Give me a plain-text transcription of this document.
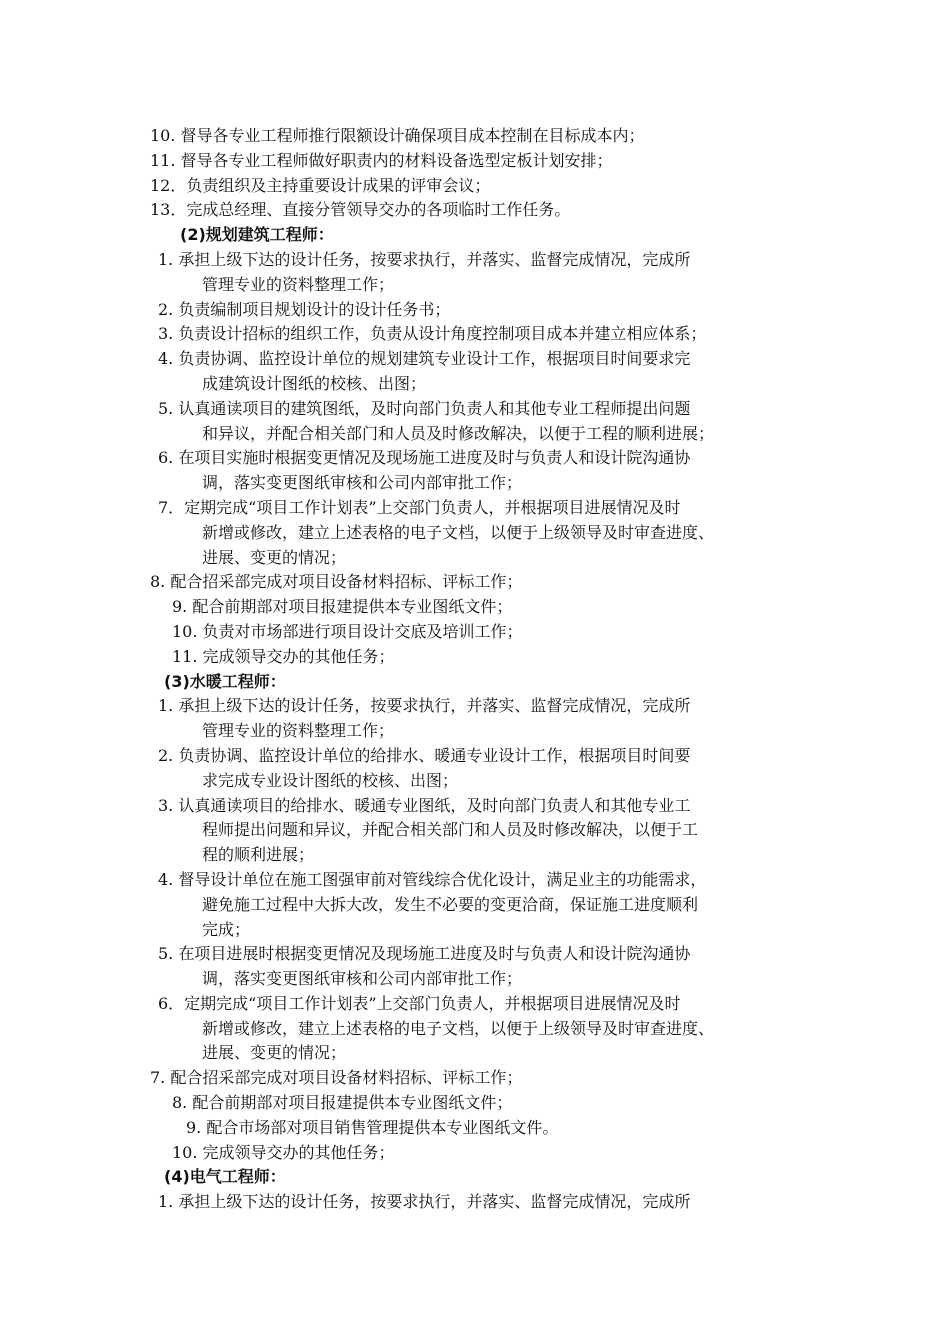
10. 督导各专业工程师推行限额设计确保项目成本控制在目标成本内；
11. 督导各专业工程师做好职责内的材料设备选型定板计划安排；
12．负责组织及主持重要设计成果的评审会议；
13．完成总经理、直接分管领导交办的各项临时工作任务。
(2)规划建筑工程师：
1. 承担上级下达的设计任务，按要求执行，并落实、监督完成情况，完成所
管理专业的资料整理工作；
2. 负责编制项目规划设计的设计任务书；
3. 负责设计招标的组织工作，负责从设计角度控制项目成本并建立相应体系；
4. 负责协调、监控设计单位的规划建筑专业设计工作，根据项目时间要求完
成建筑设计图纸的校核、出图；
5. 认真通读项目的建筑图纸，及时向部门负责人和其他专业工程师提出问题
和异议，并配合相关部门和人员及时修改解决，以便于工程的顺利进展；
6. 在项目实施时根据变更情况及现场施工进度及时与负责人和设计院沟通协
调，落实变更图纸审核和公司内部审批工作；
7．定期完成“项目工作计划表”上交部门负责人，并根据项目进展情况及时
新增或修改，建立上述表格的电子文档，以便于上级领导及时审查进度、
进展、变更的情况；
8. 配合招采部完成对项目设备材料招标、评标工作；
9. 配合前期部对项目报建提供本专业图纸文件；
10. 负责对市场部进行项目设计交底及培训工作；
11. 完成领导交办的其他任务；
(3)水暖工程师：
1. 承担上级下达的设计任务，按要求执行，并落实、监督完成情况，完成所
管理专业的资料整理工作；
2. 负责协调、监控设计单位的给排水、暖通专业设计工作，根据项目时间要
求完成专业设计图纸的校核、出图；
3. 认真通读项目的给排水、暖通专业图纸，及时向部门负责人和其他专业工
程师提出问题和异议，并配合相关部门和人员及时修改解决，以便于工
程的顺利进展；
4. 督导设计单位在施工图强审前对管线综合优化设计，满足业主的功能需求，
避免施工过程中大拆大改，发生不必要的变更洽商，保证施工进度顺利
完成；
5. 在项目进展时根据变更情况及现场施工进度及时与负责人和设计院沟通协
调，落实变更图纸审核和公司内部审批工作；
6．定期完成“项目工作计划表”上交部门负责人，并根据项目进展情况及时
新增或修改，建立上述表格的电子文档，以便于上级领导及时审查进度、
进展、变更的情况；
7. 配合招采部完成对项目设备材料招标、评标工作；
8. 配合前期部对项目报建提供本专业图纸文件；
9. 配合市场部对项目销售管理提供本专业图纸文件。
10. 完成领导交办的其他任务；
(4)电气工程师：
1. 承担上级下达的设计任务，按要求执行，并落实、监督完成情况，完成所
